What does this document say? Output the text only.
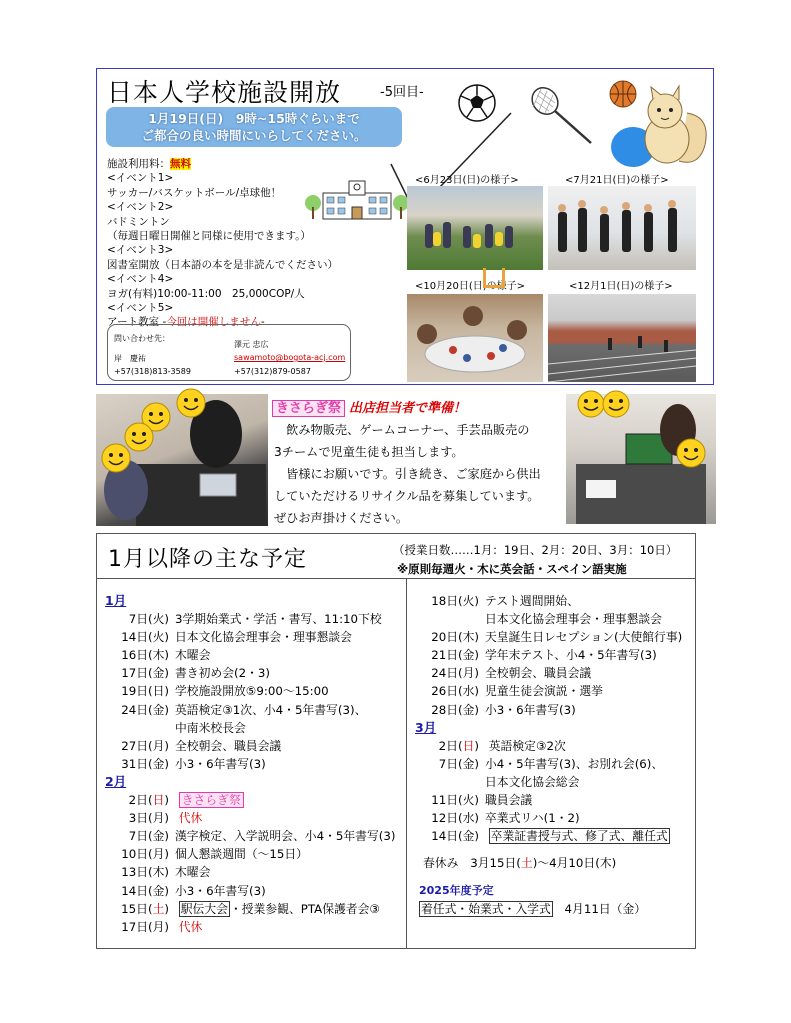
日本人学校施設開放	-5回目-
1月19日(日)　9時~15時ぐらいまで
ご都合の良い時間にいらしてください。
施設利用料：無料
<イベント1>
サッカー/バスケットボール/卓球他！
<イベント2>
バドミントン
（毎週日曜日開催と同様に使用できます。）
<イベント3>
図書室開放（日本語の本を是非読んでください）
<イベント4>
ヨガ(有料)10:00-11:00　25,000COP/人
<イベント5>
アート教室 -今回は開催しません-
問い合わせ先：
岸　慶祐
+57(318)813-3589
澤元 忠広
sawamoto@bogota-acj.com
+57(312)879-0587
<6月23日(日)の様子>	<7月21日(日)の様子>
<10月20日(日)の様子>	<12月1日(日)の様子>
きさらぎ祭 出店担当者で準備！
　飲み物販売、ゲームコーナー、手芸品販売の
3チームで児童生徒も担当します。
　皆様にお願いです。引き続き、ご家庭から供出
していただけるリサイクル品を募集しています。
ぜひお声掛けください。
1月以降の主な予定	（授業日数……1月：19日、2月：20日、3月：10日）
※原則毎週火・木に英会話・スペイン語実施
1月
7日(火) 3学期始業式・学活・書写、11:10下校
14日(火) 日本文化協会理事会・理事懇談会
16日(木) 木曜会
17日(金) 書き初め会(2・3)
19日(日) 学校施設開放⑤9:00～15:00
24日(金) 英語検定③1次、小4・5年書写(3)、
中南米校長会
27日(月) 全校朝会、職員会議
31日(金) 小3・6年書写(3)
2月
2日(日) きさらぎ祭
3日(月) 代休
7日(金) 漢字検定、入学説明会、小4・5年書写(3)
10日(月) 個人懇談週間（～15日）
13日(木) 木曜会
14日(金) 小3・6年書写(3)
15日(土) 駅伝大会 ・授業参観、PTA保護者会③
17日(月) 代休
18日(火) テスト週間開始、
日本文化協会理事会・理事懇談会
20日(木) 天皇誕生日レセプション(大使館行事)
21日(金) 学年末テスト、小4・5年書写(3)
24日(月) 全校朝会、職員会議
26日(水) 児童生徒会演説・選挙
28日(金) 小3・6年書写(3)
3月
2日(日) 英語検定③2次
7日(金) 小4・5年書写(3)、お別れ会(6)、
日本文化協会総会
11日(火) 職員会議
12日(水) 卒業式リハ(1・2)
14日(金) 卒業証書授与式、修了式、離任式
春休み　3月15日(土)～4月10日(木)
2025年度予定
着任式・始業式・入学式 4月11日（金）
